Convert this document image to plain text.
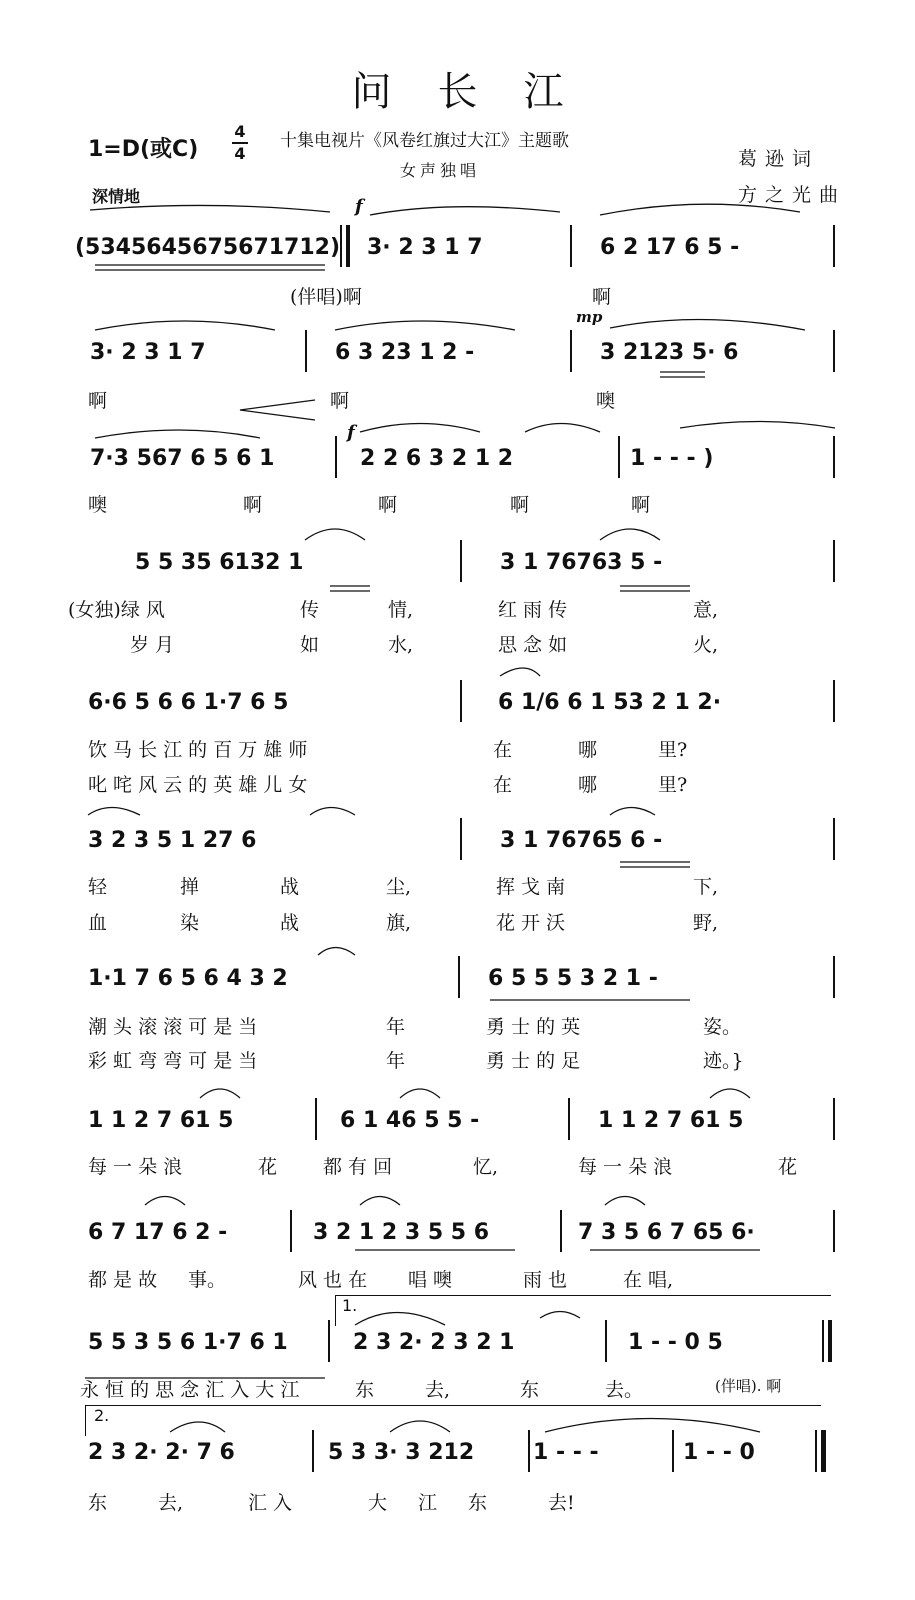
问长江
1=D(或C)
4
4
十集电视片《风卷红旗过大江》主题歌
女声独唱
葛逊词
方之光曲
深情地	f
mp
f
(5345645675671712) 3· 2 3 1 7	6 2 17 6 5 -
(伴唱)啊	啊
3· 2 3 1 7	6 3 23 1 2 -	3 2123 5· 6
啊	啊	噢
7·3 567 6 5 6 1	2 2 6 3 2 1 2	1 - - - )
噢	啊	啊	啊	啊
5 5 35 6132 1	3 1 76763 5 -
(女独)绿 风	传	情,	红 雨 传	意,
岁 月	如	水,	思 念 如	火,
6·6 5 6 6 1·7 6 5	6 1/6 6 1 53 2 1 2·
饮 马 长 江 的 百 万 雄 师	在	哪	里?
叱 咤 风 云 的 英 雄 儿 女	在	哪	里?
3 2 3 5 1 27 6	3 1 76765 6 -
轻	掸	战	尘,	挥 戈 南	下,
血	染	战	旗,	花 开 沃	野,
1·1 7 6 5 6 4 3 2	6 5 5 5 3 2 1 -
潮 头 滚 滚 可 是 当	年	勇 士 的 英	姿。
彩 虹 弯 弯 可 是 当	年	勇 士 的 足	迹。}
1 1 2 7 61 5	6 1 46 5 5 -	1 1 2 7 61 5
每 一 朵 浪	花 都 有 回	忆,	每 一 朵 浪	花
6 7 17 6 2 -	3 2 1 2 3 5 5 6	7 3 5 6 7 65 6·
都 是 故 事。	风 也 在 唱 噢	雨 也	在 唱,
1.
5 5 3 5 6 1·7 6 1	2 3 2· 2 3 2 1	1 - - 0 5
永 恒 的 思 念 汇 入 大 江	东	去,	东	去。	(伴唱). 啊
2.
2 3 2· 2· 7 6	5 3 3· 3 212	1 - - -	1 - - 0
东	去,	汇 入	大 江 东	去!
